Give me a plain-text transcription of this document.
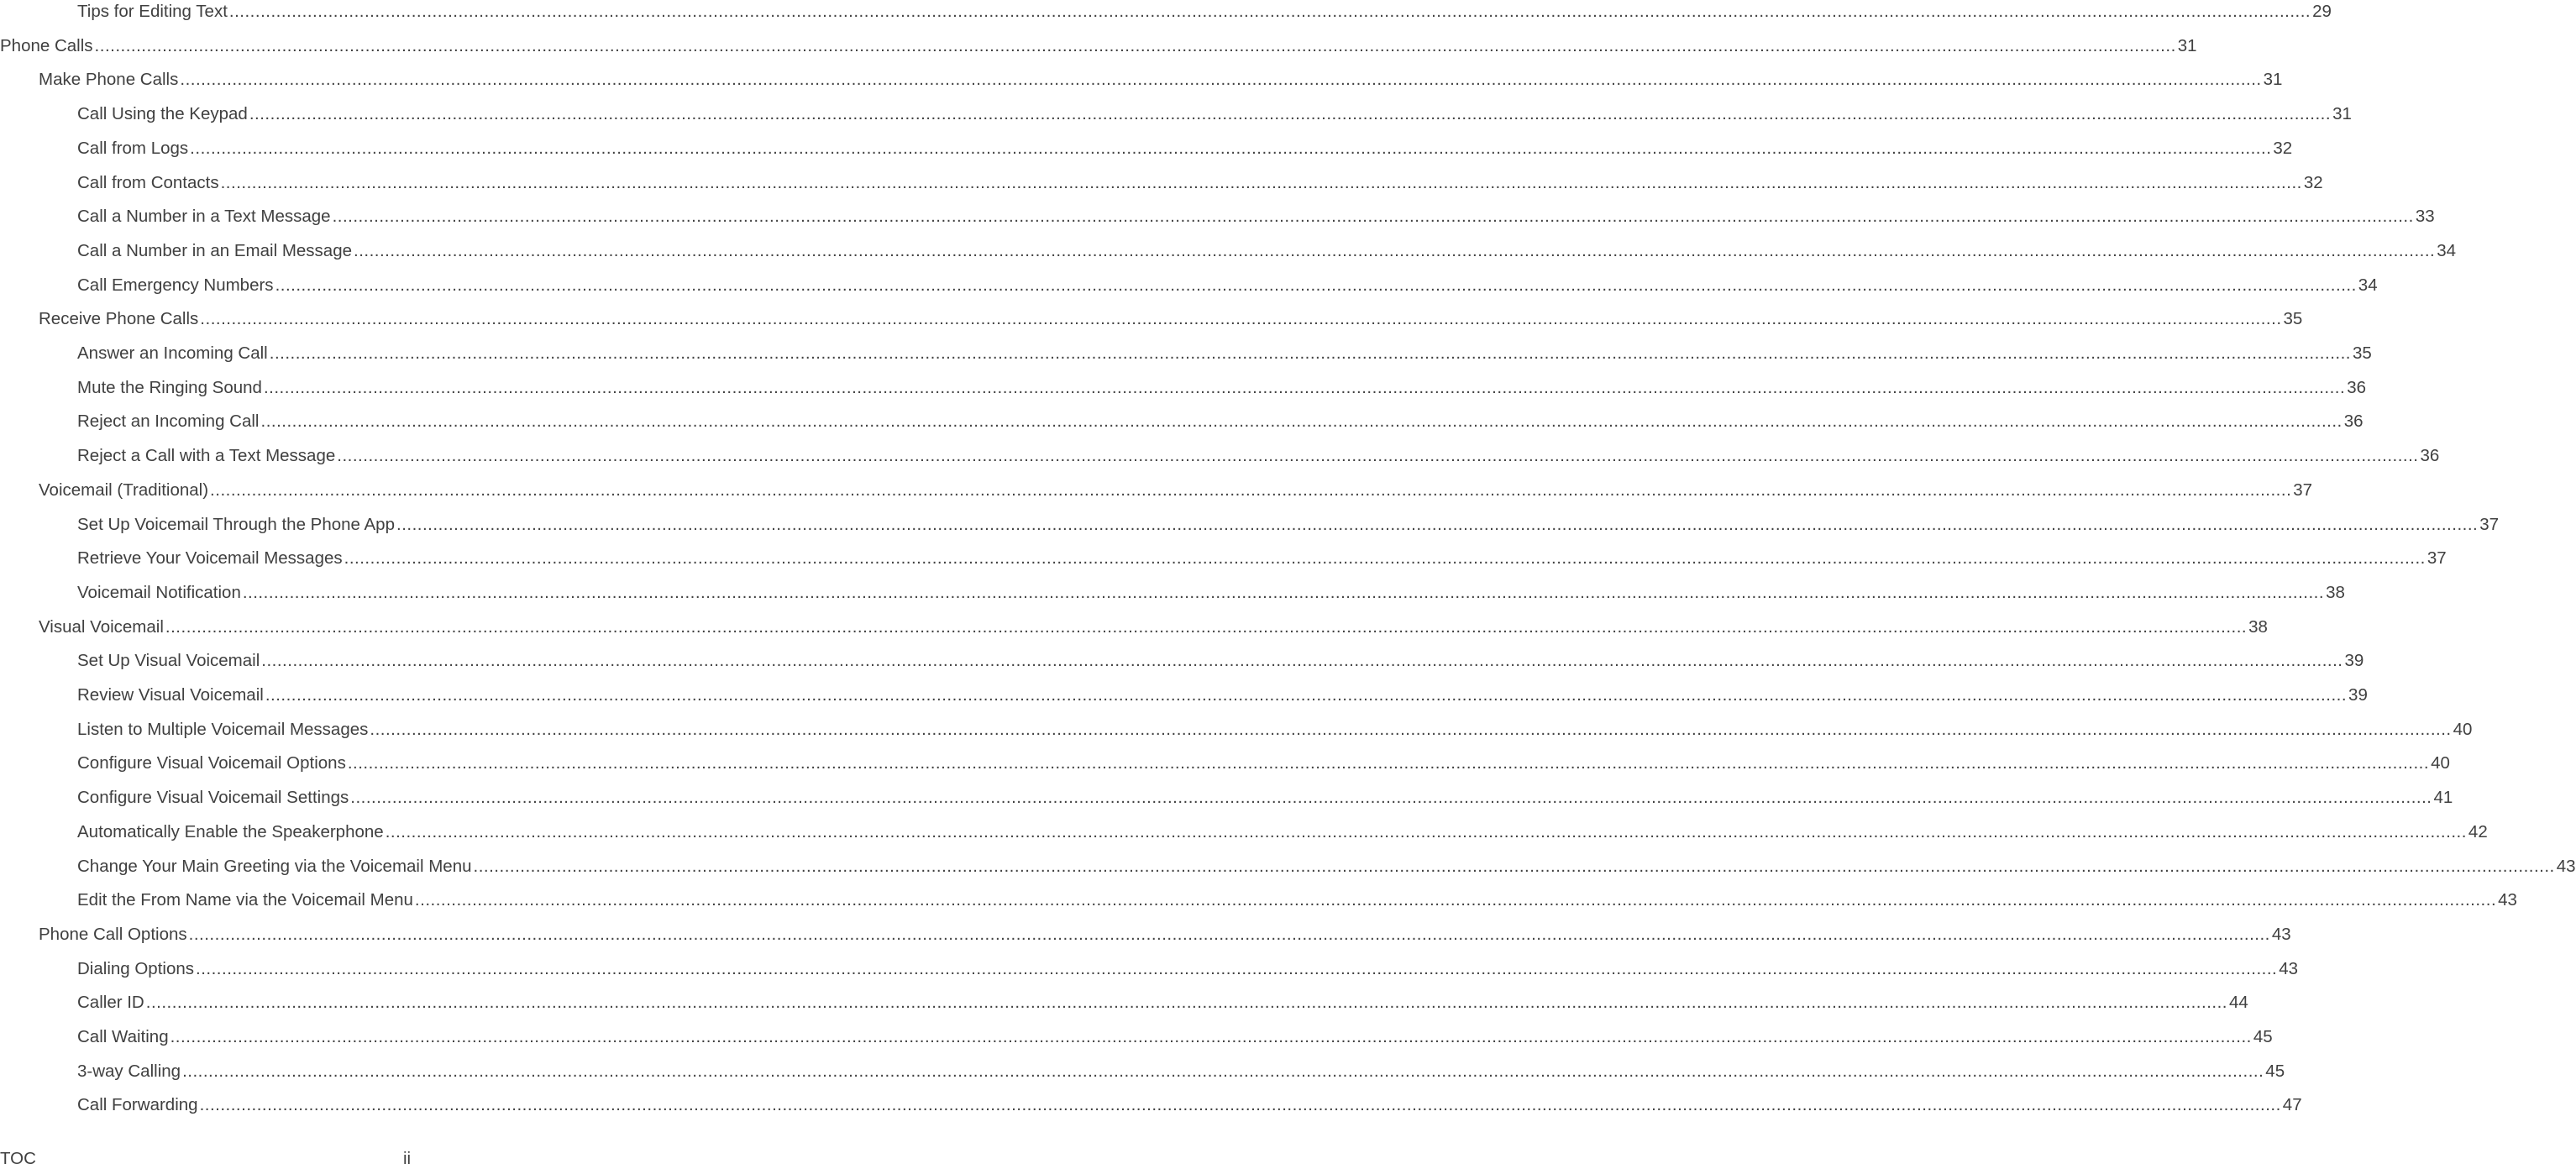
Tips for Editing Text ................................................................................................................................................................................................................................................................................................................................................................................................................ 29
Phone Calls ................................................................................................................................................................................................................................................................................................................................................................................................................ 31
Make Phone Calls ................................................................................................................................................................................................................................................................................................................................................................................................................ 31
Call Using the Keypad ................................................................................................................................................................................................................................................................................................................................................................................................................ 31
Call from Logs ................................................................................................................................................................................................................................................................................................................................................................................................................ 32
Call from Contacts ................................................................................................................................................................................................................................................................................................................................................................................................................ 32
Call a Number in a Text Message ................................................................................................................................................................................................................................................................................................................................................................................................................ 33
Call a Number in an Email Message ................................................................................................................................................................................................................................................................................................................................................................................................................ 34
Call Emergency Numbers ................................................................................................................................................................................................................................................................................................................................................................................................................ 34
Receive Phone Calls ................................................................................................................................................................................................................................................................................................................................................................................................................ 35
Answer an Incoming Call ................................................................................................................................................................................................................................................................................................................................................................................................................ 35
Mute the Ringing Sound ................................................................................................................................................................................................................................................................................................................................................................................................................ 36
Reject an Incoming Call ................................................................................................................................................................................................................................................................................................................................................................................................................ 36
Reject a Call with a Text Message ................................................................................................................................................................................................................................................................................................................................................................................................................ 36
Voicemail (Traditional) ................................................................................................................................................................................................................................................................................................................................................................................................................ 37
Set Up Voicemail Through the Phone App ................................................................................................................................................................................................................................................................................................................................................................................................................ 37
Retrieve Your Voicemail Messages ................................................................................................................................................................................................................................................................................................................................................................................................................ 37
Voicemail Notification ................................................................................................................................................................................................................................................................................................................................................................................................................ 38
Visual Voicemail ................................................................................................................................................................................................................................................................................................................................................................................................................ 38
Set Up Visual Voicemail ................................................................................................................................................................................................................................................................................................................................................................................................................ 39
Review Visual Voicemail ................................................................................................................................................................................................................................................................................................................................................................................................................ 39
Listen to Multiple Voicemail Messages ................................................................................................................................................................................................................................................................................................................................................................................................................ 40
Configure Visual Voicemail Options ................................................................................................................................................................................................................................................................................................................................................................................................................ 40
Configure Visual Voicemail Settings ................................................................................................................................................................................................................................................................................................................................................................................................................ 41
Automatically Enable the Speakerphone ................................................................................................................................................................................................................................................................................................................................................................................................................ 42
Change Your Main Greeting via the Voicemail Menu ................................................................................................................................................................................................................................................................................................................................................................................................................ 43
Edit the From Name via the Voicemail Menu ................................................................................................................................................................................................................................................................................................................................................................................................................ 43
Phone Call Options ................................................................................................................................................................................................................................................................................................................................................................................................................ 43
Dialing Options ................................................................................................................................................................................................................................................................................................................................................................................................................ 43
Caller ID ................................................................................................................................................................................................................................................................................................................................................................................................................ 44
Call Waiting ................................................................................................................................................................................................................................................................................................................................................................................................................ 45
3-way Calling ................................................................................................................................................................................................................................................................................................................................................................................................................ 45
Call Forwarding ................................................................................................................................................................................................................................................................................................................................................................................................................ 47
TOC	ii
